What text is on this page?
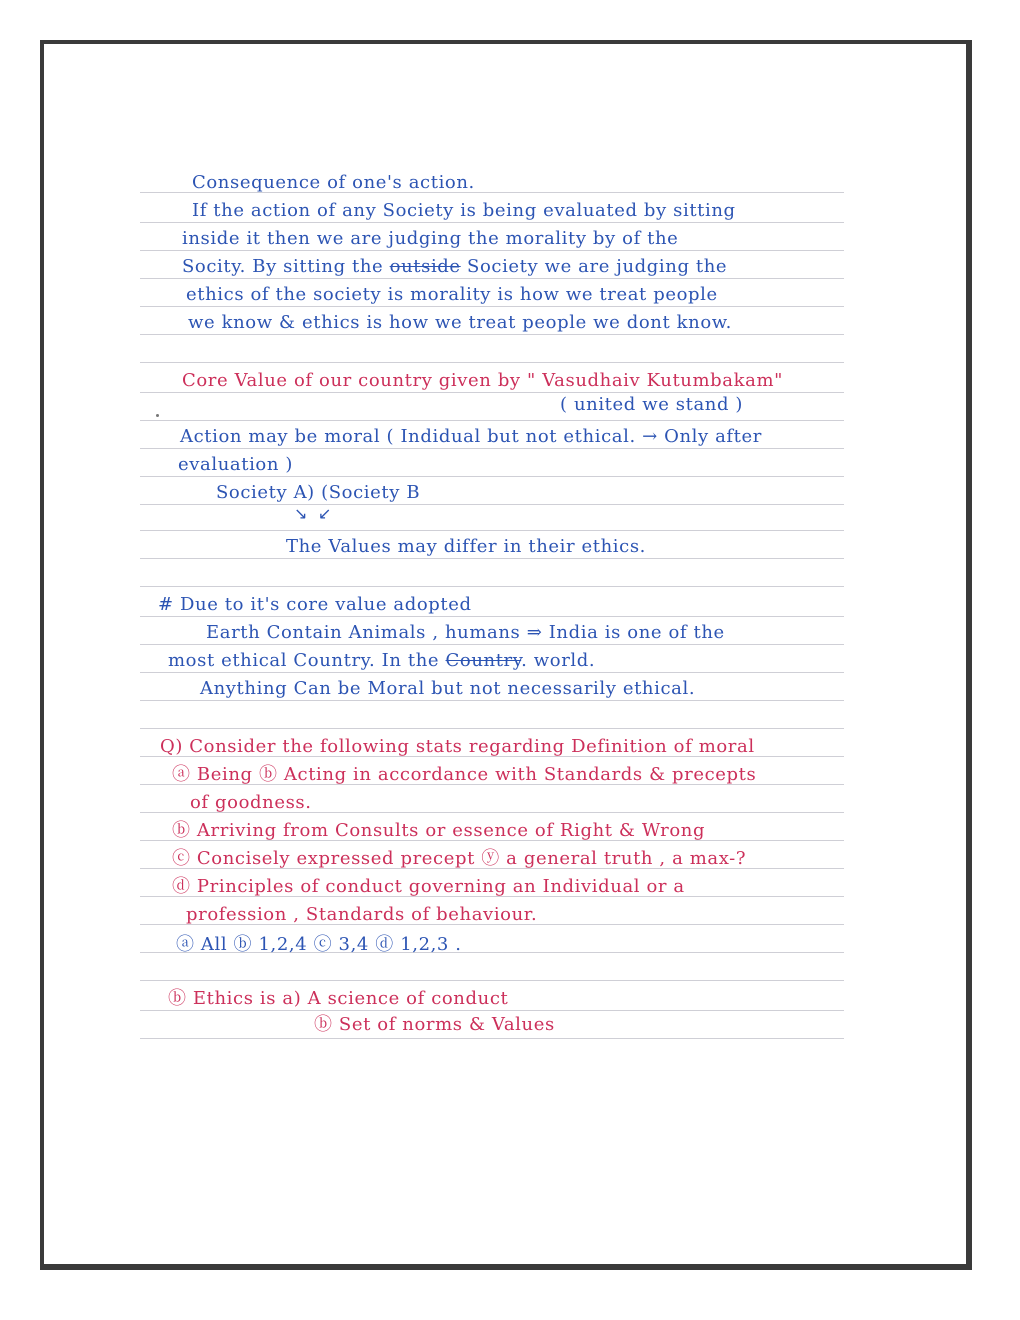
Consequence of one's action.
If the action of any Society is being evaluated by sitting
inside it then we are judging the morality by of the
Socity. By sitting the outside Society we are judging the
ethics of the society is morality is how we treat people
we know & ethics is how we treat people we dont know.
Core Value of our country given by " Vasudhaiv Kutumbakam"
( united we stand )
Action may be moral ( Indidual but not ethical. → Only after
evaluation )
Society A) (Society B
↘ ↙
The Values may differ in their ethics.
# Due to it's core value adopted
Earth Contain Animals , humans ⇒ India is one of the
most ethical Country. In the Country. world.
Anything Can be Moral but not necessarily ethical.
Q) Consider the following stats regarding Definition of moral
ⓐ Being ⓑ Acting in accordance with Standards & precepts
of goodness.
ⓑ Arriving from Consults or essence of Right & Wrong
ⓒ Concisely expressed precept ⓨ a general truth , a max-?
ⓓ Principles of conduct governing an Individual or a
profession , Standards of behaviour.
ⓐ All ⓑ 1,2,4 ⓒ 3,4 ⓓ 1,2,3 .
ⓑ Ethics is a) A science of conduct
ⓑ Set of norms & Values
